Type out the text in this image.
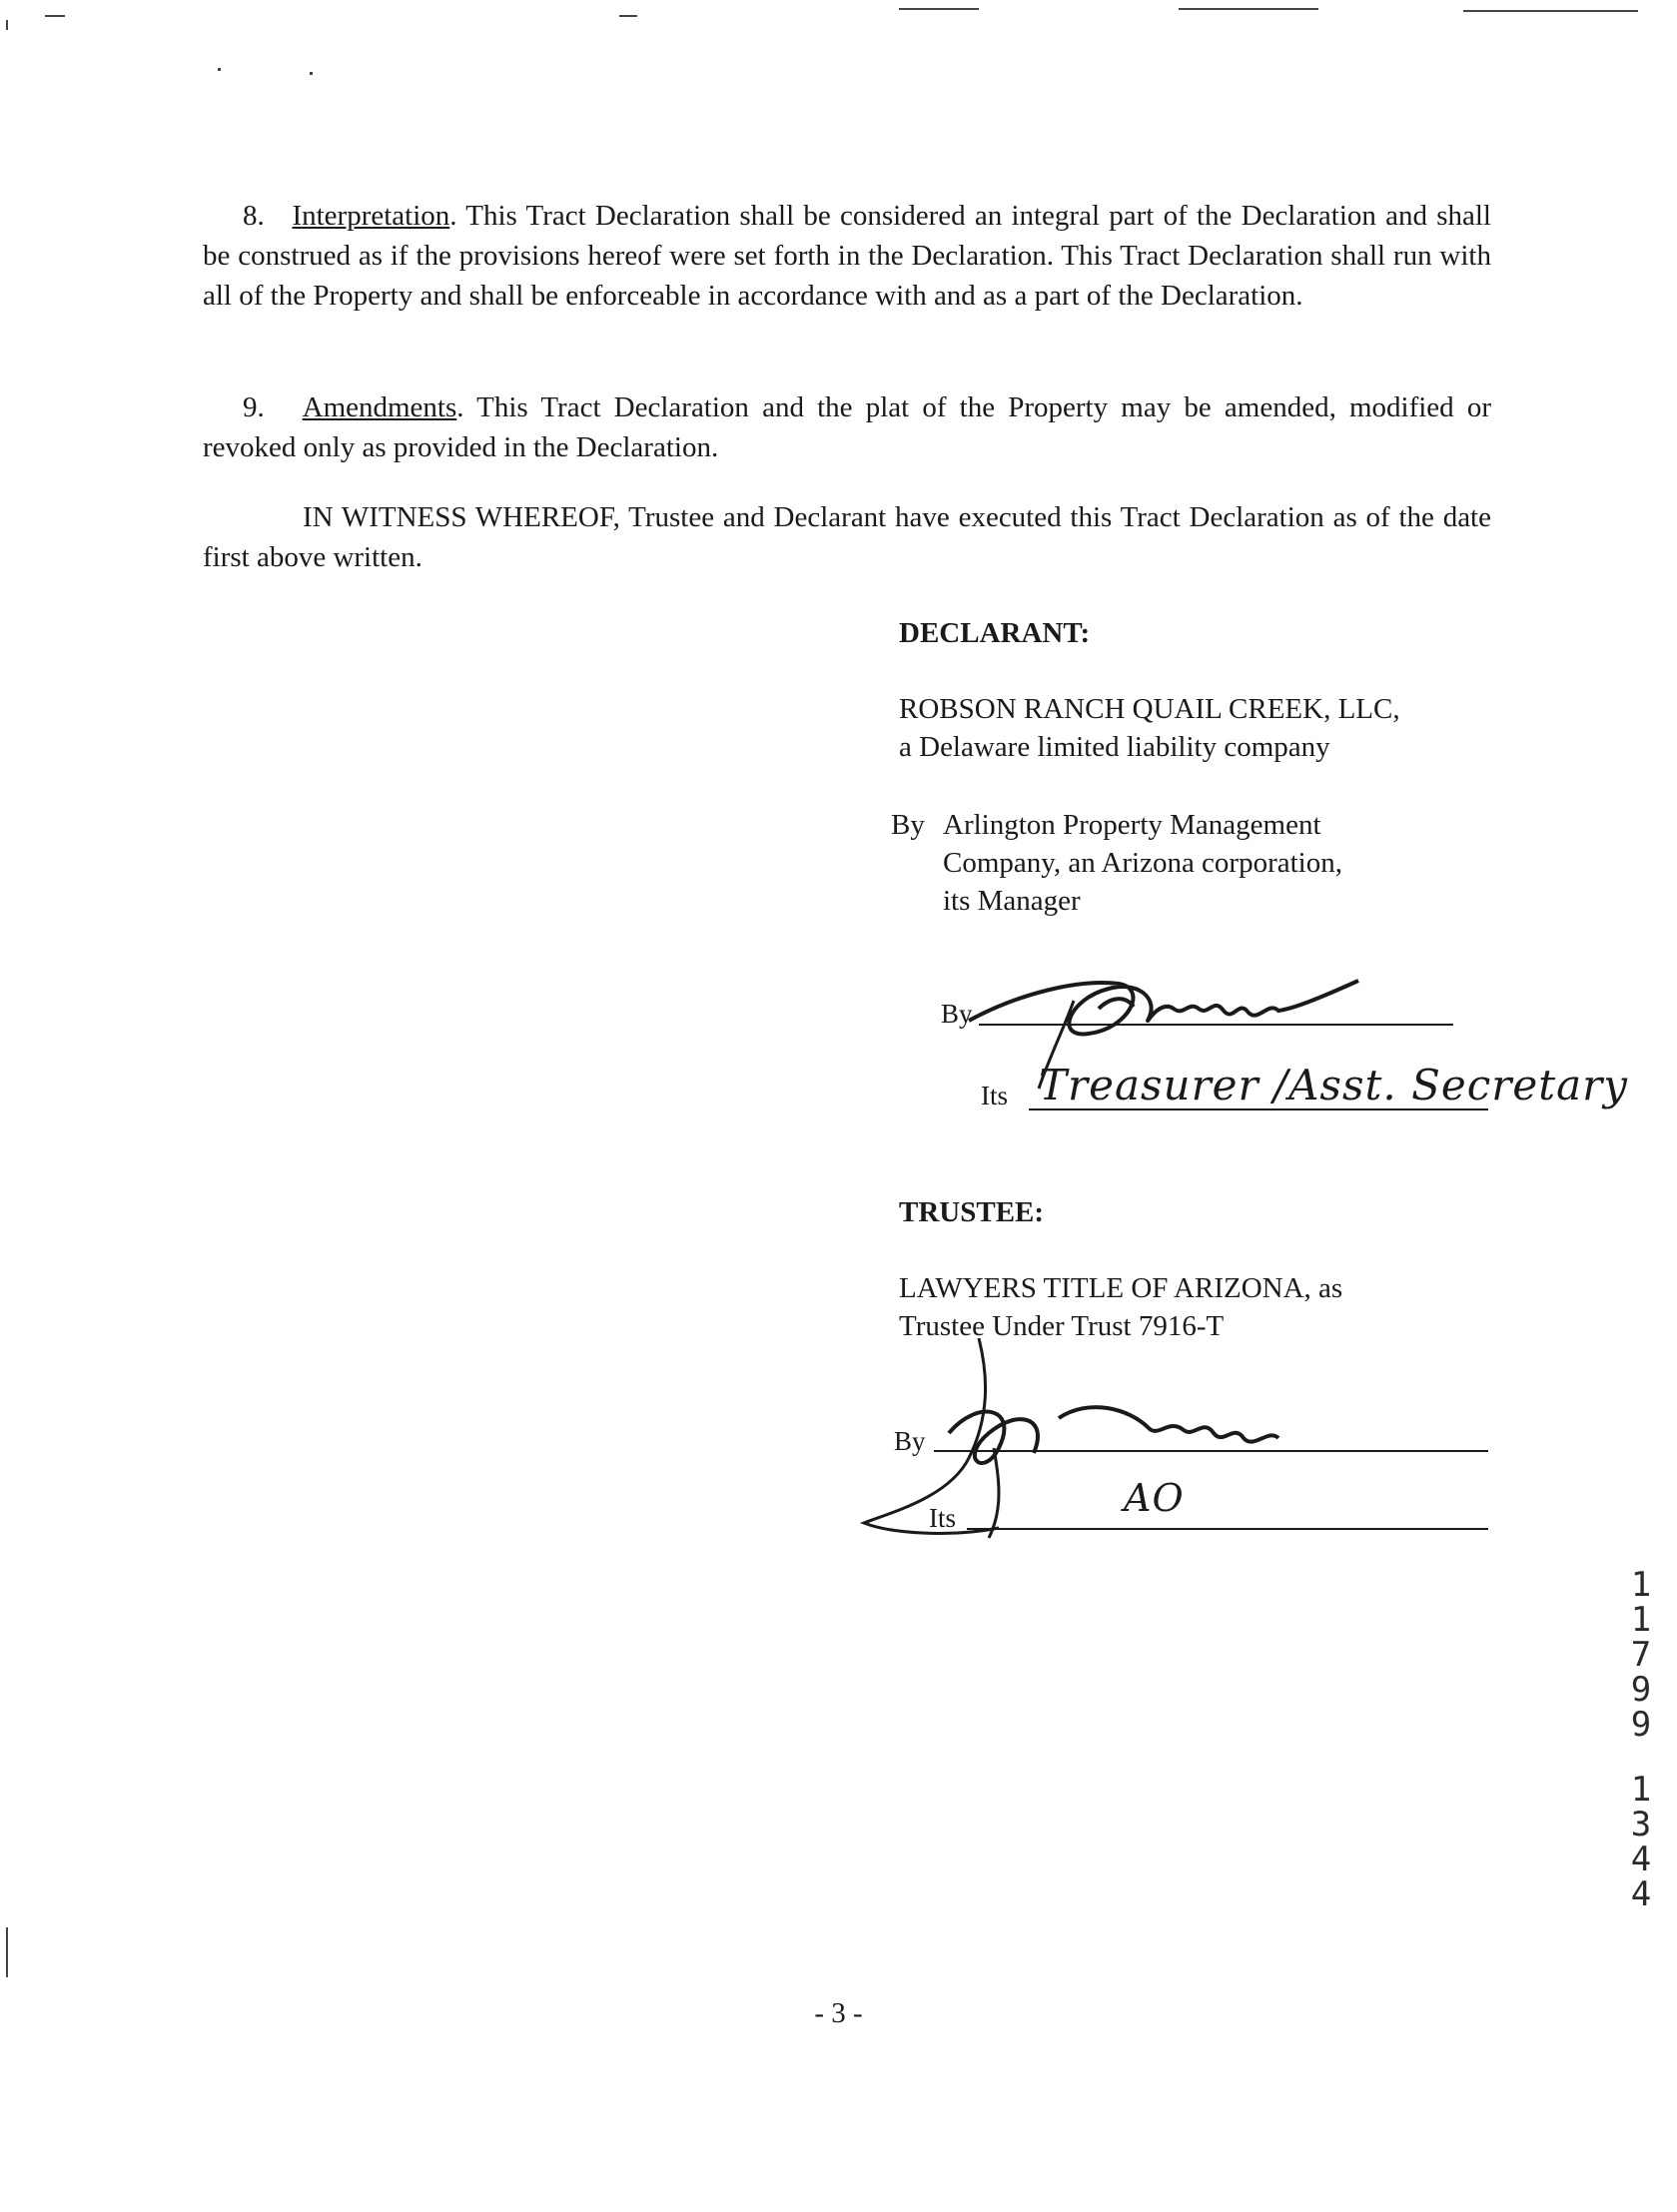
8. Interpretation. This Tract Declaration shall be considered an integral part of the Declaration and shall be construed as if the provisions hereof were set forth in the Declaration. This Tract Declaration shall run with all of the Property and shall be enforceable in accordance with and as a part of the Declaration.
9. Amendments. This Tract Declaration and the plat of the Property may be amended, modified or revoked only as provided in the Declaration.
IN WITNESS WHEREOF, Trustee and Declarant have executed this Tract Declaration as of the date first above written.
DECLARANT:
ROBSON RANCH QUAIL CREEK, LLC,
a Delaware limited liability company
By Arlington Property Management
Company, an Arizona corporation,
its Manager
By
Its Treasurer /Asst. Secretary
TRUSTEE:
LAWYERS TITLE OF ARIZONA, as
Trustee Under Trust 7916-T
By
Its	AO
- 3 -
1
1
7
9
9
1
3
4
4
